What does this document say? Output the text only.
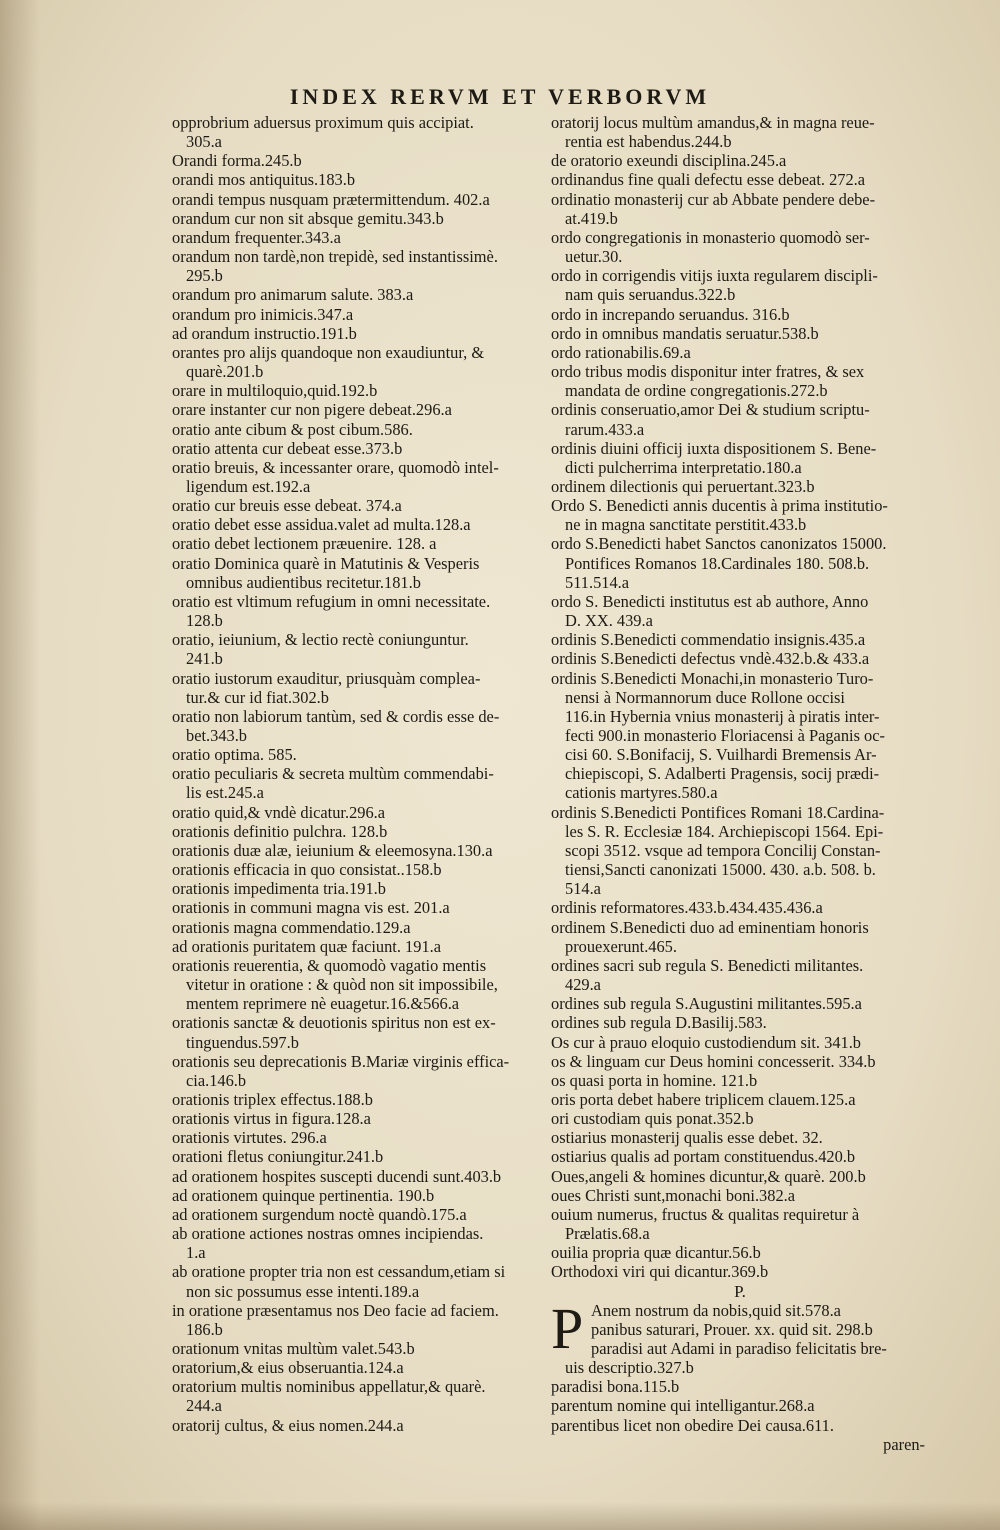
INDEX RERVM ET VERBORVM
opprobrium aduersus proximum quis accipiat.
305.a
Orandi forma.245.b
orandi mos antiquitus.183.b
orandi tempus nusquam prætermittendum. 402.a
orandum cur non sit absque gemitu.343.b
orandum frequenter.343.a
orandum non tardè,non trepidè, sed instantissimè.
295.b
orandum pro animarum salute. 383.a
orandum pro inimicis.347.a
ad orandum instructio.191.b
orantes pro alijs quandoque non exaudiuntur, &
quarè.201.b
orare in multiloquio,quid.192.b
orare instanter cur non pigere debeat.296.a
oratio ante cibum & post cibum.586.
oratio attenta cur debeat esse.373.b
oratio breuis, & incessanter orare, quomodò intel-
ligendum est.192.a
oratio cur breuis esse debeat. 374.a
oratio debet esse assidua.valet ad multa.128.a
oratio debet lectionem præuenire. 128. a
oratio Dominica quarè in Matutinis & Vesperis
omnibus audientibus recitetur.181.b
oratio est vltimum refugium in omni necessitate.
128.b
oratio, ieiunium, & lectio rectè coniunguntur.
241.b
oratio iustorum exauditur, priusquàm complea-
tur.& cur id fiat.302.b
oratio non labiorum tantùm, sed & cordis esse de-
bet.343.b
oratio optima. 585.
oratio peculiaris & secreta multùm commendabi-
lis est.245.a
oratio quid,& vndè dicatur.296.a
orationis definitio pulchra. 128.b
orationis duæ alæ, ieiunium & eleemosyna.130.a
orationis efficacia in quo consistat..158.b
orationis impedimenta tria.191.b
orationis in communi magna vis est. 201.a
orationis magna commendatio.129.a
ad orationis puritatem quæ faciunt. 191.a
orationis reuerentia, & quomodò vagatio mentis
vitetur in oratione : & quòd non sit impossibile,
mentem reprimere nè euagetur.16.&566.a
orationis sanctæ & deuotionis spiritus non est ex-
tinguendus.597.b
orationis seu deprecationis B.Mariæ virginis effica-
cia.146.b
orationis triplex effectus.188.b
orationis virtus in figura.128.a
orationis virtutes. 296.a
orationi fletus coniungitur.241.b
ad orationem hospites suscepti ducendi sunt.403.b
ad orationem quinque pertinentia. 190.b
ad orationem surgendum noctè quandò.175.a
ab oratione actiones nostras omnes incipiendas.
1.a
ab oratione propter tria non est cessandum,etiam si
non sic possumus esse intenti.189.a
in oratione præsentamus nos Deo facie ad faciem.
186.b
orationum vnitas multùm valet.543.b
oratorium,& eius obseruantia.124.a
oratorium multis nominibus appellatur,& quarè.
244.a
oratorij cultus, & eius nomen.244.a
oratorij locus multùm amandus,& in magna reue-
rentia est habendus.244.b
de oratorio exeundi disciplina.245.a
ordinandus fine quali defectu esse debeat. 272.a
ordinatio monasterij cur ab Abbate pendere debe-
at.419.b
ordo congregationis in monasterio quomodò ser-
uetur.30.
ordo in corrigendis vitijs iuxta regularem discipli-
nam quis seruandus.322.b
ordo in increpando seruandus. 316.b
ordo in omnibus mandatis seruatur.538.b
ordo rationabilis.69.a
ordo tribus modis disponitur inter fratres, & sex
mandata de ordine congregationis.272.b
ordinis conseruatio,amor Dei & studium scriptu-
rarum.433.a
ordinis diuini officij iuxta dispositionem S. Bene-
dicti pulcherrima interpretatio.180.a
ordinem dilectionis qui peruertant.323.b
Ordo S. Benedicti annis ducentis à prima institutio-
ne in magna sanctitate perstitit.433.b
ordo S.Benedicti habet Sanctos canonizatos 15000.
Pontifices Romanos 18.Cardinales 180. 508.b.
511.514.a
ordo S. Benedicti institutus est ab authore, Anno
D. XX. 439.a
ordinis S.Benedicti commendatio insignis.435.a
ordinis S.Benedicti defectus vndè.432.b.& 433.a
ordinis S.Benedicti Monachi,in monasterio Turo-
nensi à Normannorum duce Rollone occisi
116.in Hybernia vnius monasterij à piratis inter-
fecti 900.in monasterio Floriacensi à Paganis oc-
cisi 60. S.Bonifacij, S. Vuilhardi Bremensis Ar-
chiepiscopi, S. Adalberti Pragensis, socij prædi-
cationis martyres.580.a
ordinis S.Benedicti Pontifices Romani 18.Cardina-
les S. R. Ecclesiæ 184. Archiepiscopi 1564. Epi-
scopi 3512. vsque ad tempora Concilij Constan-
tiensi,Sancti canonizati 15000. 430. a.b. 508. b.
514.a
ordinis reformatores.433.b.434.435.436.a
ordinem S.Benedicti duo ad eminentiam honoris
prouexerunt.465.
ordines sacri sub regula S. Benedicti militantes.
429.a
ordines sub regula S.Augustini militantes.595.a
ordines sub regula D.Basilij.583.
Os cur à prauo eloquio custodiendum sit. 341.b
os & linguam cur Deus homini concesserit. 334.b
os quasi porta in homine. 121.b
oris porta debet habere triplicem clauem.125.a
ori custodiam quis ponat.352.b
ostiarius monasterij qualis esse debet. 32.
ostiarius qualis ad portam constituendus.420.b
Oues,angeli & homines dicuntur,& quarè. 200.b
oues Christi sunt,monachi boni.382.a
ouium numerus, fructus & qualitas requiretur à
Prælatis.68.a
ouilia propria quæ dicantur.56.b
Orthodoxi viri qui dicantur.369.b
P.
P Anem nostrum da nobis,quid sit.578.a
panibus saturari, Prouer. xx. quid sit. 298.b
paradisi aut Adami in paradiso felicitatis bre-
uis descriptio.327.b
paradisi bona.115.b
parentum nomine qui intelligantur.268.a
parentibus licet non obedire Dei causa.611.
paren-
